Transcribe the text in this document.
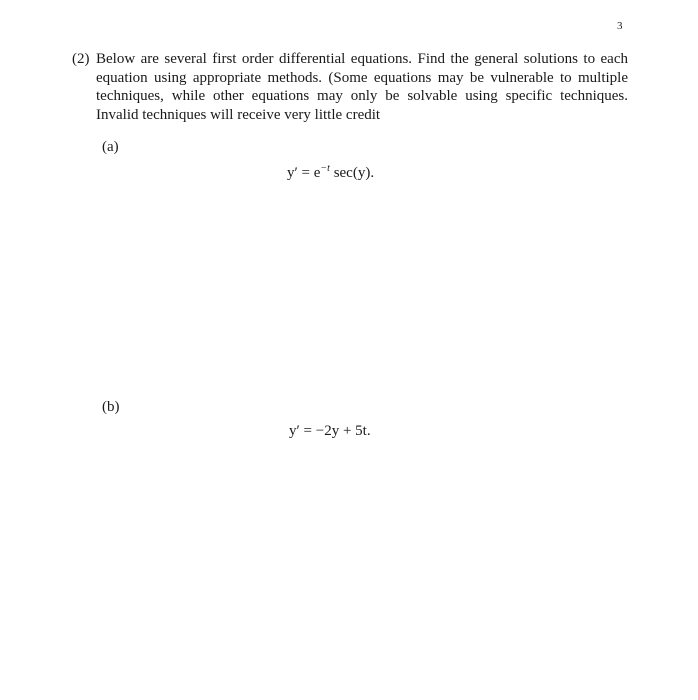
3
(2) Below are several first order differential equations. Find the general solutions to each equation using appropriate methods. (Some equations may be vulnerable to multiple techniques, while other equations may only be solvable using specific techniques. Invalid techniques will receive very little credit
(a)
$y' = e^{-t}$ sec(y).
(b)
y′ = −2y + 5t.
